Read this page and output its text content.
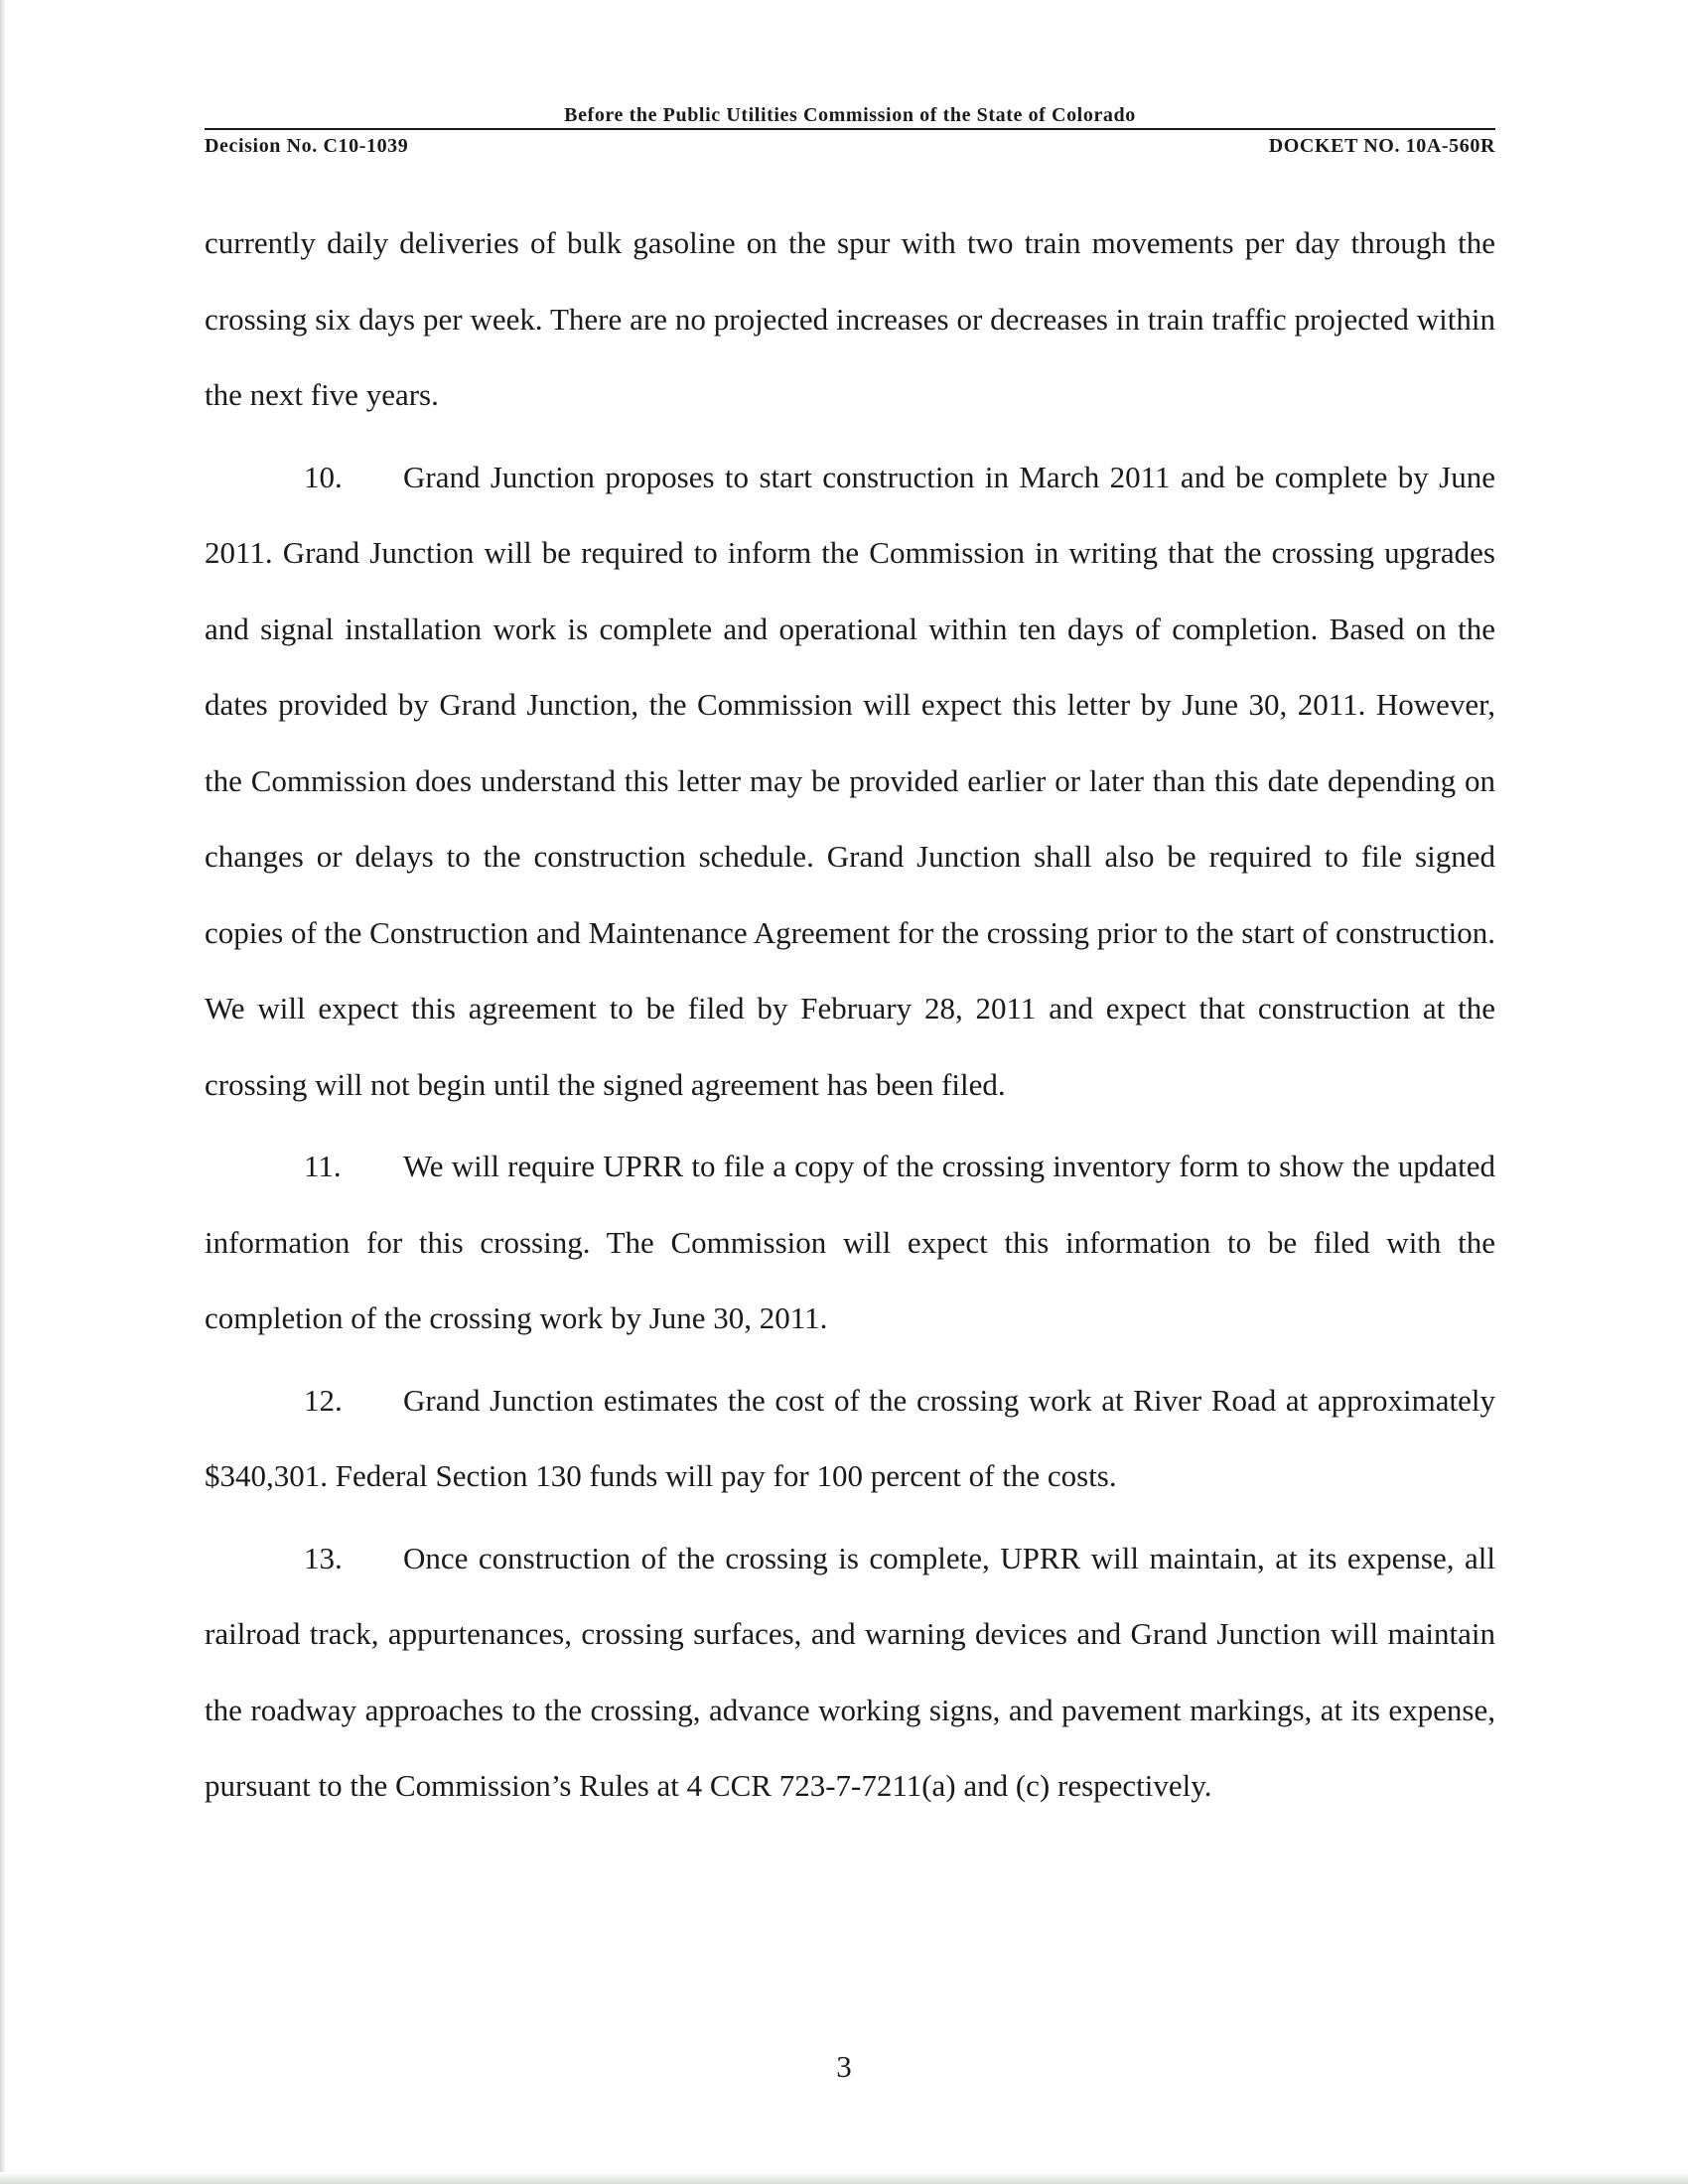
Before the Public Utilities Commission of the State of Colorado
Decision No. C10-1039	DOCKET NO. 10A-560R

currently daily deliveries of bulk gasoline on the spur with two train movements per day through the crossing six days per week. There are no projected increases or decreases in train traffic projected within the next five years.

10. Grand Junction proposes to start construction in March 2011 and be complete by June 2011. Grand Junction will be required to inform the Commission in writing that the crossing upgrades and signal installation work is complete and operational within ten days of completion. Based on the dates provided by Grand Junction, the Commission will expect this letter by June 30, 2011. However, the Commission does understand this letter may be provided earlier or later than this date depending on changes or delays to the construction schedule. Grand Junction shall also be required to file signed copies of the Construction and Maintenance Agreement for the crossing prior to the start of construction. We will expect this agreement to be filed by February 28, 2011 and expect that construction at the crossing will not begin until the signed agreement has been filed.

11. We will require UPRR to file a copy of the crossing inventory form to show the updated information for this crossing. The Commission will expect this information to be filed with the completion of the crossing work by June 30, 2011.

12. Grand Junction estimates the cost of the crossing work at River Road at approximately $340,301. Federal Section 130 funds will pay for 100 percent of the costs.

13. Once construction of the crossing is complete, UPRR will maintain, at its expense, all railroad track, appurtenances, crossing surfaces, and warning devices and Grand Junction will maintain the roadway approaches to the crossing, advance working signs, and pavement markings, at its expense, pursuant to the Commission’s Rules at 4 CCR 723-7-7211(a) and (c) respectively.

3
